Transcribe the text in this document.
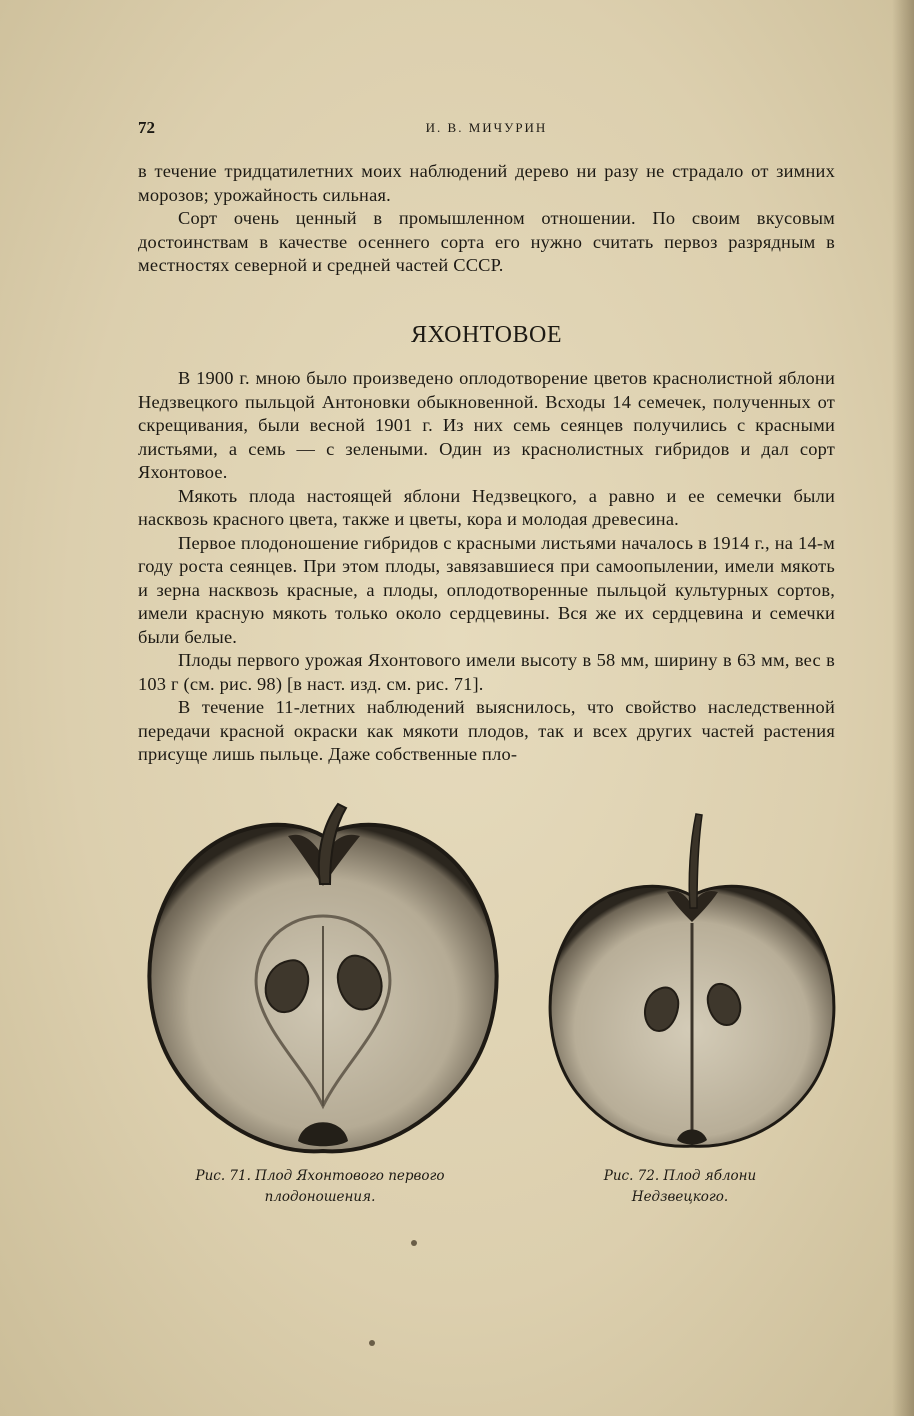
72	И. В. МИЧУРИН

в течение тридцатилетних моих наблюдений дерево ни разу не страдало от зимних морозов; урожайность сильная.

Сорт очень ценный в промышленном отношении. По своим вкусовым достоинствам в качестве осеннего сорта его нужно считать первоз разрядным в местностях северной и средней частей СССР.

ЯХОНТОВОЕ

В 1900 г. мною было произведено оплодотворение цветов краснолистной яблони Недзвецкого пыльцой Антоновки обыкновенной. Всходы 14 семечек, полученных от скрещивания, были весной 1901 г. Из них семь сеянцев получились с красными листьями, а семь — с зелеными. Один из краснолистных гибридов и дал сорт Яхонтовое.

Мякоть плода настоящей яблони Недзвецкого, а равно и ее семечки были насквозь красного цвета, также и цветы, кора и молодая древесина.

Первое плодоношение гибридов с красными листьями началось в 1914 г., на 14-м году роста сеянцев. При этом плоды, завязавшиеся при самоопылении, имели мякоть и зерна насквозь красные, а плоды, оплодотворенные пыльцой культурных сортов, имели красную мякоть только около сердцевины. Вся же их сердцевина и семечки были белые.

Плоды первого урожая Яхонтового имели высоту в 58 мм, ширину в 63 мм, вес в 103 г (см. рис. 98) [в наст. изд. см. рис. 71].

В течение 11-летних наблюдений выяснилось, что свойство наследственной передачи красной окраски как мякоти плодов, так и всех других частей растения присуще лишь пыльце. Даже собственные пло-

Рис. 71. Плод Яхонтового первого
плодоношения.
Рис. 72. Плод яблони
Недзвецкого.
